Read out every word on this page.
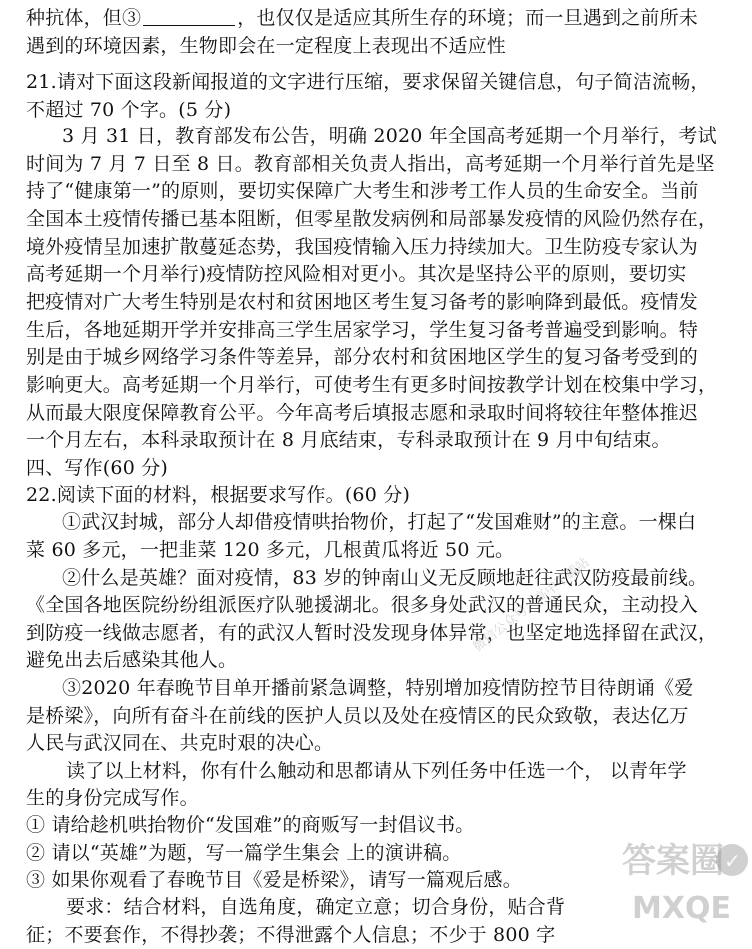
种抗体，但③	，也仅仅是适应其所生存的环境；而一旦遇到之前所未
遇到的环境因素，生物即会在一定程度上表现出不适应性
21.请对下面这段新闻报道的文字进行压缩，要求保留关键信息，句子简洁流畅，
不超过 70 个字。(5 分)
3 月 31 日，教育部发布公告，明确 2020 年全国高考延期一个月举行，考试
时间为 7 月 7 日至 8 日。教育部相关负责人指出，高考延期一个月举行首先是坚
持了“健康第一”的原则，要切实保障广大考生和涉考工作人员的生命安全。当前
全国本土疫情传播已基本阻断，但零星散发病例和局部暴发疫情的风险仍然存在，
境外疫情呈加速扩散蔓延态势，我国疫情输入压力持续加大。卫生防疫专家认为
高考延期一个月举行)疫情防控风险相对更小。其次是坚持公平的原则，要切实
把疫情对广大考生特别是农村和贫困地区考生复习备考的影响降到最低。疫情发
生后，各地延期开学并安排高三学生居家学习，学生复习备考普遍受到影响。特
别是由于城乡网络学习条件等差异，部分农村和贫困地区学生的复习备考受到的
影响更大。高考延期一个月举行，可使考生有更多时间按教学计划在校集中学习，
从而最大限度保障教育公平。今年高考后填报志愿和录取时间将较往年整体推迟
一个月左右，本科录取预计在 8 月底结束，专科录取预计在 9 月中旬结束。
四、写作(60 分)
22.阅读下面的材料，根据要求写作。(60 分)
①武汉封城，部分人却借疫情哄抬物价，打起了“发国难财”的主意。一棵白
菜 60 多元，一把韭菜 120 多元，几根黄瓜将近 50 元。
②什么是英雄？面对疫情，83 岁的钟南山义无反顾地赶往武汉防疫最前线。
《全国各地医院纷纷组派医疗队驰援湖北。很多身处武汉的普通民众，主动投入
到防疫一线做志愿者，有的武汉人暂时没发现身体异常，也坚定地选择留在武汉，
避免出去后感染其他人。
③2020 年春晚节目单开播前紧急调整，特别增加疫情防控节目待朗诵《爱
是桥梁》，向所有奋斗在前线的医护人员以及处在疫情区的民众致敬，表达亿万
人民与武汉同在、共克时艰的决心。
读了以上材料，你有什么触动和思都请从下列任务中任选一个， 以青年学
生的身份完成写作。
① 请给趁机哄抬物价“发国难”的商贩写一封倡议书。
② 请以“英雄”为题，写一篇学生集会 上的演讲稿。
③ 如果你观看了春晚节目《爱是桥梁》，请写一篇观后感。
要求：结合材料，自选角度，确定立意；切合身份，贴合背
征；不要套作，不得抄袭；不得泄露个人信息；不少于 800 字
微信公众号：高中下载站
✓
答案圈
MXQE
